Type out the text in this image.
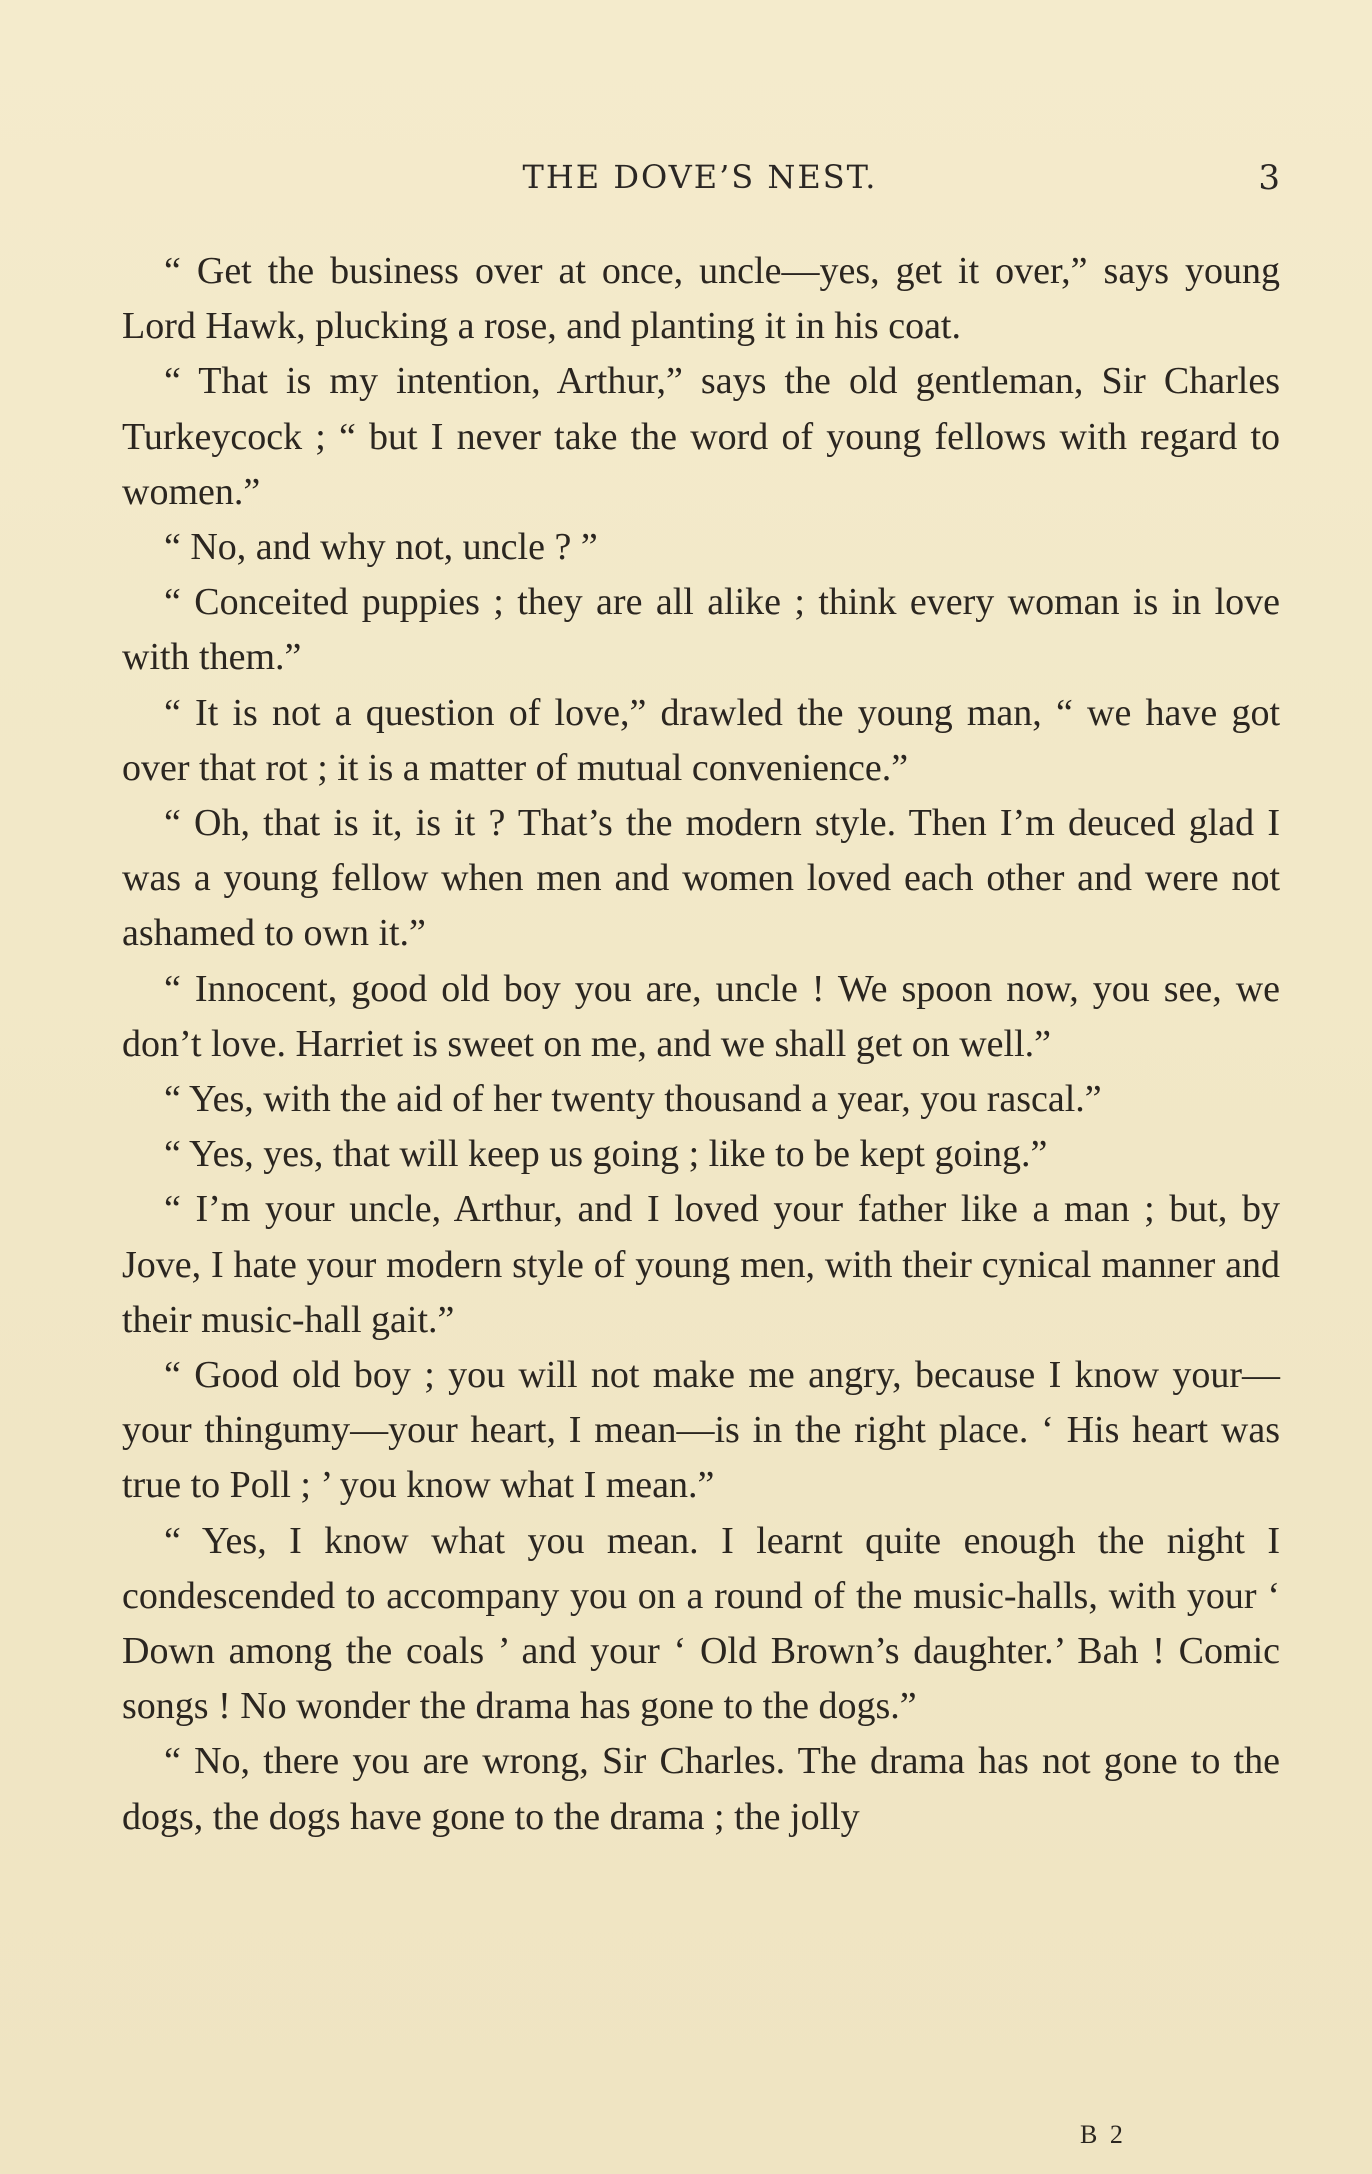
THE DOVE’S NEST.	3

“ Get the business over at once, uncle—yes, get it over,” says young Lord Hawk, plucking a rose, and planting it in his coat.

“ That is my intention, Arthur,” says the old gentleman, Sir Charles Turkeycock ; “ but I never take the word of young fellows with regard to women.”

“ No, and why not, uncle ? ”

“ Conceited puppies ; they are all alike ; think every woman is in love with them.”

“ It is not a question of love,” drawled the young man, “ we have got over that rot ; it is a matter of mutual convenience.”

“ Oh, that is it, is it ? That’s the modern style. Then I’m deuced glad I was a young fellow when men and women loved each other and were not ashamed to own it.”

“ Innocent, good old boy you are, uncle ! We spoon now, you see, we don’t love. Harriet is sweet on me, and we shall get on well.”

“ Yes, with the aid of her twenty thousand a year, you rascal.”

“ Yes, yes, that will keep us going ; like to be kept going.”

“ I’m your uncle, Arthur, and I loved your father like a man ; but, by Jove, I hate your modern style of young men, with their cynical manner and their music-hall gait.”

“ Good old boy ; you will not make me angry, because I know your—your thingumy—your heart, I mean—is in the right place. ‘ His heart was true to Poll ; ’ you know what I mean.”

“ Yes, I know what you mean. I learnt quite enough the night I condescended to accompany you on a round of the music-halls, with your ‘ Down among the coals ’ and your ‘ Old Brown’s daughter.’ Bah ! Comic songs ! No wonder the drama has gone to the dogs.”

“ No, there you are wrong, Sir Charles. The drama has not gone to the dogs, the dogs have gone to the drama ; the jolly

B 2
